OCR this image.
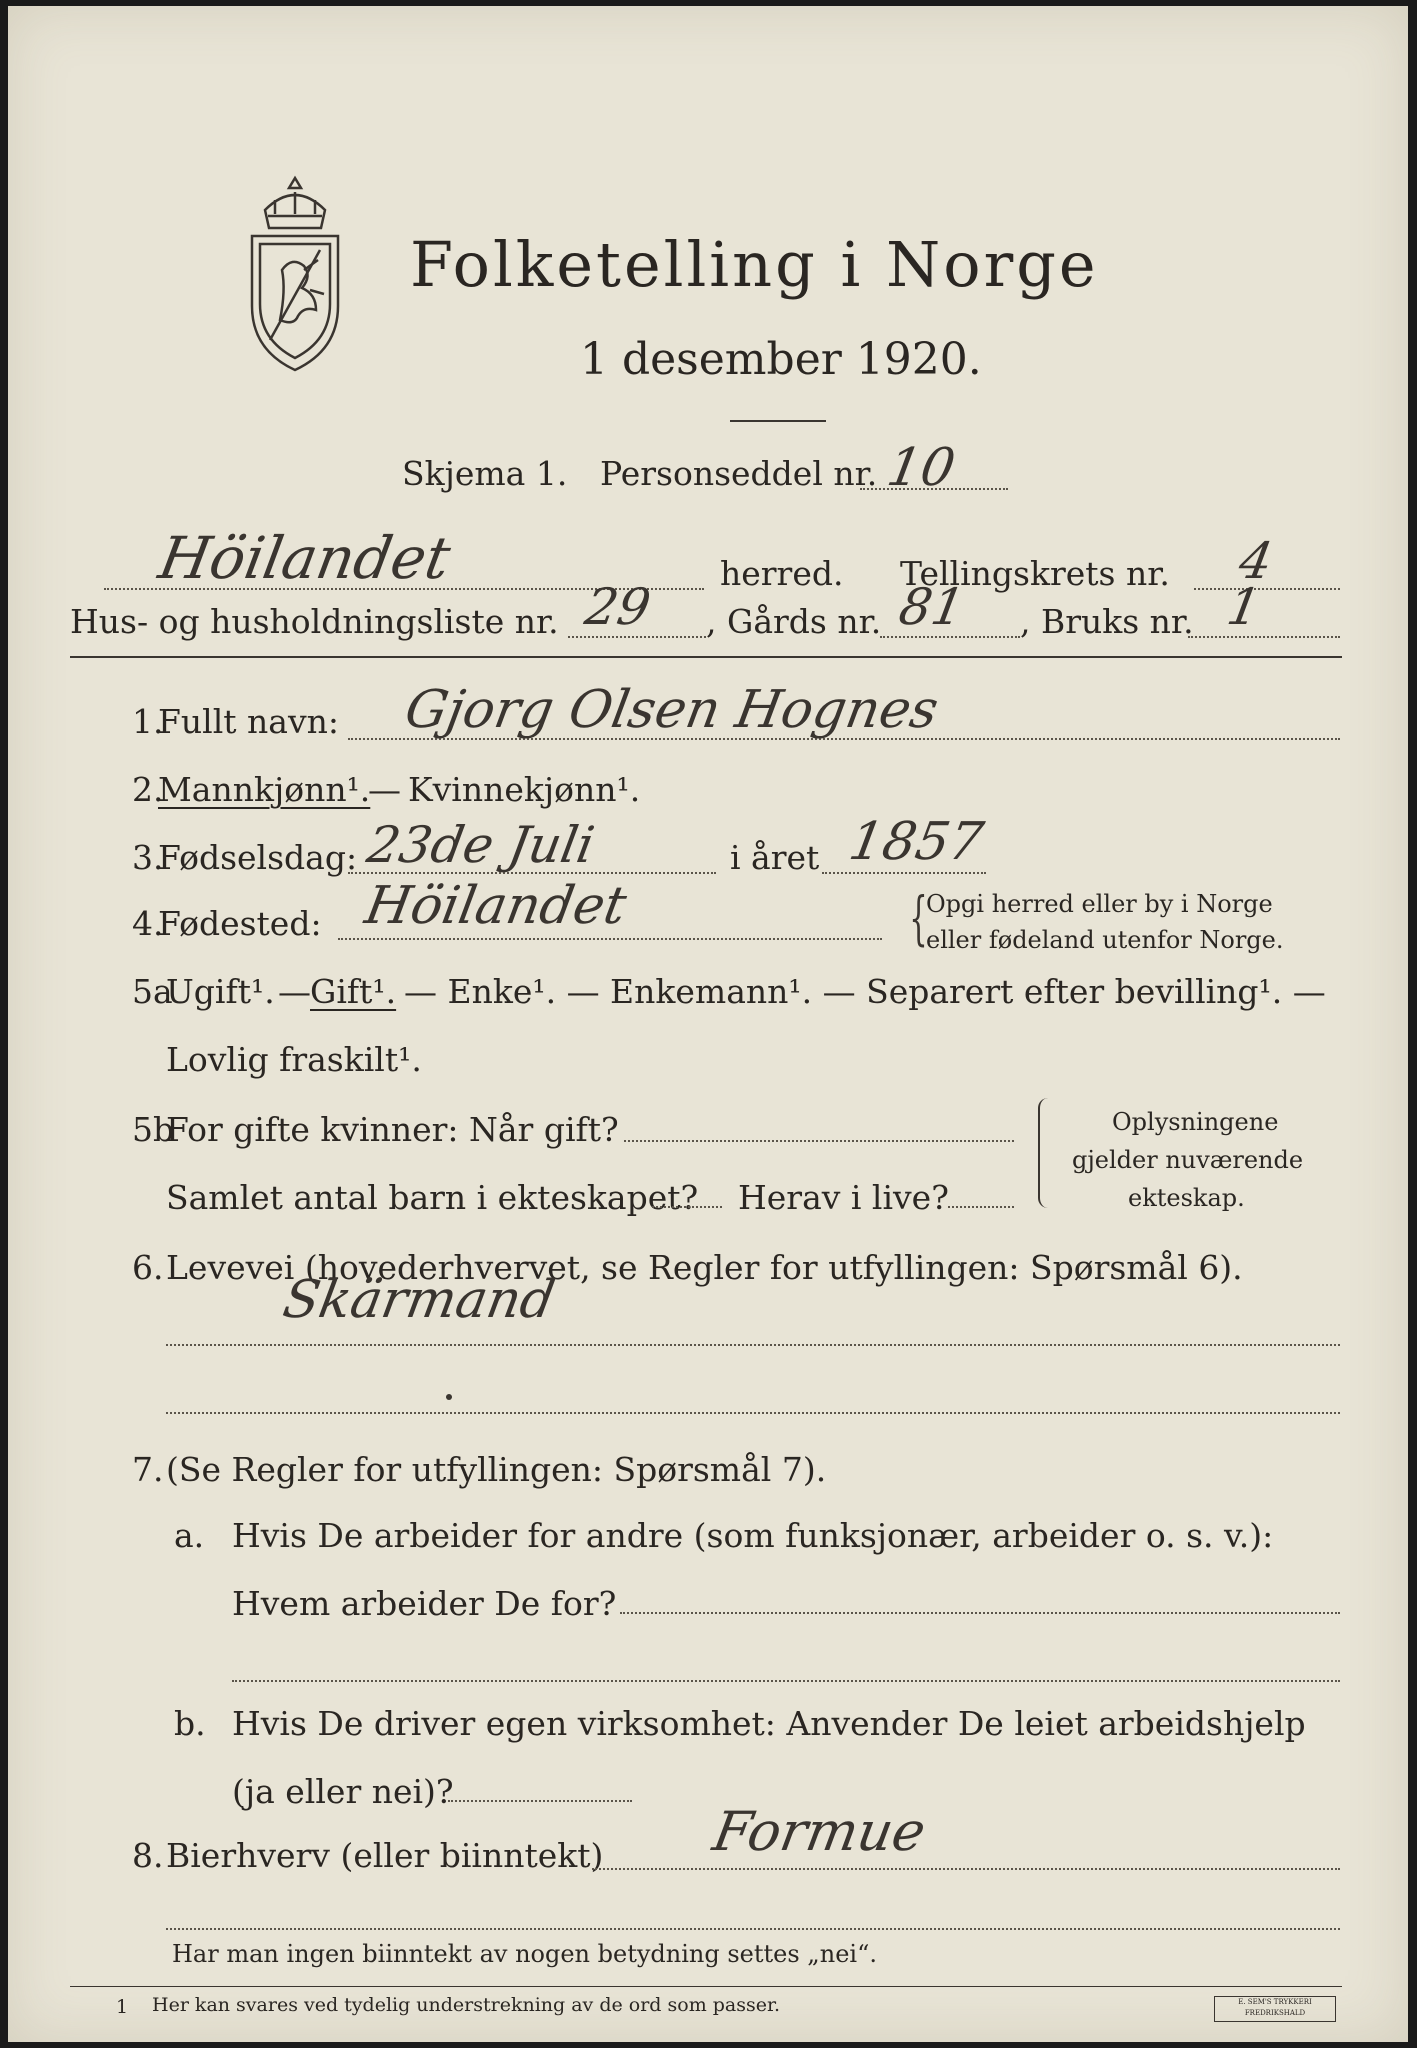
Folketelling i Norge
1 desember 1920.
Skjema 1. Personseddel nr. 10
Höilandet	herred. Tellingskrets nr. 4
Hus- og husholdningsliste nr. 29 , Gårds nr. 81 , Bruks nr. 1
1.
Fullt navn: Gjorg Olsen Hognes
2.
Mannkjønn¹.
— Kvinnekjønn¹.
3.
Fødselsdag: 23de Juli	i året 1857
4.
Fødested: Höilandet	{
Opgi herred eller by i Norge
eller fødeland utenfor Norge.
5a
Ugift¹. — Gift¹. — Enke¹. — Enkemann¹. — Separert efter bevilling¹. —
Lovlig fraskilt¹.
5b
For gifte kvinner: Når gift?
Samlet antal barn i ekteskapet? Herav i live?
Oplysningene
gjelder nuværende
ekteskap.
6. Levevei (hovederhvervet, se Regler for utfyllingen: Spørsmål 6).
Skärmand
7. (Se Regler for utfyllingen: Spørsmål 7).
a. Hvis De arbeider for andre (som funksjonær, arbeider o. s. v.):
Hvem arbeider De for?
b. Hvis De driver egen virksomhet: Anvender De leiet arbeidshjelp
(ja eller nei)?
8. Bierhverv (eller biinntekt) Formue
Har man ingen biinntekt av nogen betydning settes „nei“.
1 Her kan svares ved tydelig understrekning av de ord som passer.	E. SEM'S TRYKKERI
FREDRIKSHALD
